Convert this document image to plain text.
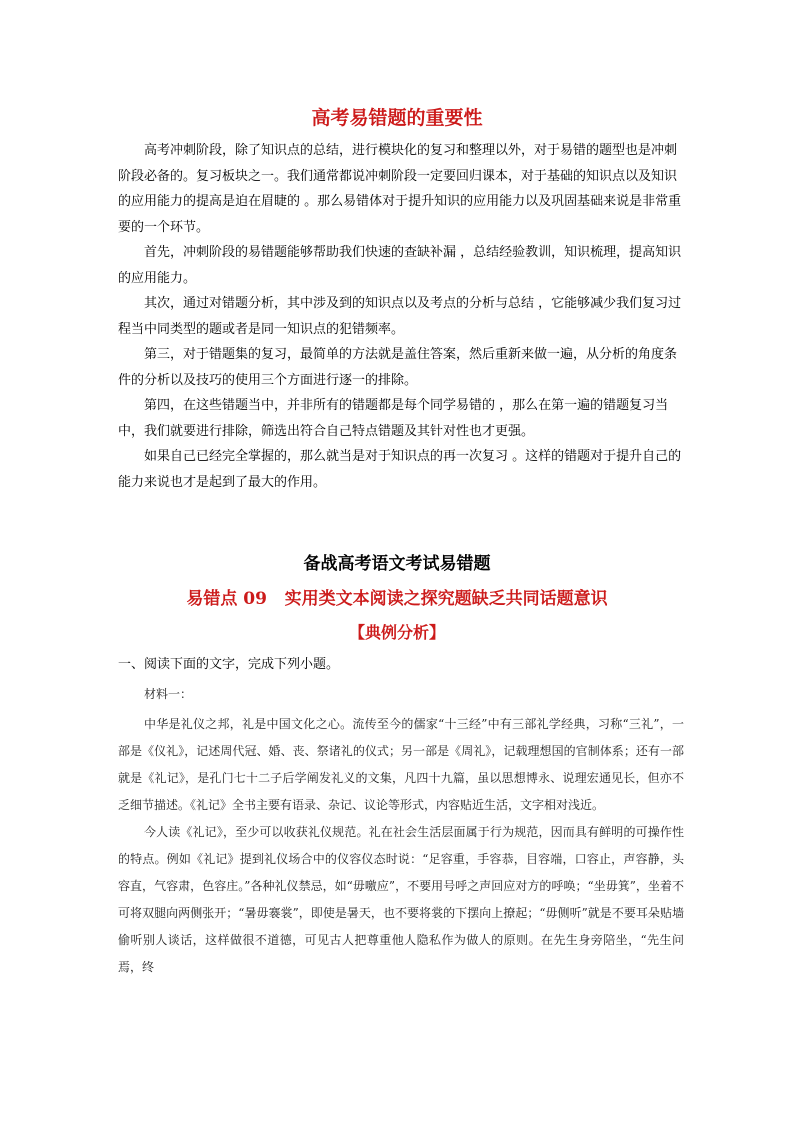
高考易错题的重要性

高考冲刺阶段，除了知识点的总结，进行模块化的复习和整理以外，对于易错的题型也是冲刺阶段必备的。复习板块之一。我们通常都说冲刺阶段一定要回归课本，对于基础的知识点以及知识的应用能力的提高是迫在眉睫的 。那么易错体对于提升知识的应用能力以及巩固基础来说是非常重要的一个环节。

首先，冲刺阶段的易错题能够帮助我们快速的查缺补漏 ，总结经验教训，知识梳理，提高知识的应用能力。

其次，通过对错题分析，其中涉及到的知识点以及考点的分析与总结 ，它能够减少我们复习过程当中同类型的题或者是同一知识点的犯错频率。

第三，对于错题集的复习，最简单的方法就是盖住答案，然后重新来做一遍，从分析的角度条件的分析以及技巧的使用三个方面进行逐一的排除。

第四，在这些错题当中，并非所有的错题都是每个同学易错的 ，那么在第一遍的错题复习当中，我们就要进行排除，筛选出符合自己特点错题及其针对性也才更强。

如果自己已经完全掌握的，那么就当是对于知识点的再一次复习 。这样的错题对于提升自己的能力来说也才是起到了最大的作用。

备战高考语文考试易错题
易错点 09   实用类文本阅读之探究题缺乏共同话题意识
【典例分析】
一、阅读下面的文字，完成下列小题。

材料一：

中华是礼仪之邦，礼是中国文化之心。流传至今的儒家“十三经”中有三部礼学经典，习称“三礼”，一部是《仪礼》，记述周代冠、婚、丧、祭诸礼的仪式；另一部是《周礼》，记载理想国的官制体系；还有一部就是《礼记》，是孔门七十二子后学阐发礼义的文集，凡四十九篇，虽以思想博永、说理宏通见长，但亦不乏细节描述。《礼记》全书主要有语录、杂记、议论等形式，内容贴近生活，文字相对浅近。

今人读《礼记》，至少可以收获礼仪规范。礼在社会生活层面属于行为规范，因而具有鲜明的可操作性的特点。例如《礼记》提到礼仪场合中的仪容仪态时说：“足容重，手容恭，目容端，口容止，声容静，头容直，气容肃，色容庄。”各种礼仪禁忌，如“毋噭应”，不要用号呼之声回应对方的呼唤；“坐毋箕”，坐着不可将双腿向两侧张开；“暑毋褰裳”，即使是暑天，也不要将裳的下摆向上撩起；“毋侧听”就是不要耳朵贴墙偷听别人谈话，这样做很不道德，可见古人把尊重他人隐私作为做人的原则。在先生身旁陪坐，“先生问焉，终
